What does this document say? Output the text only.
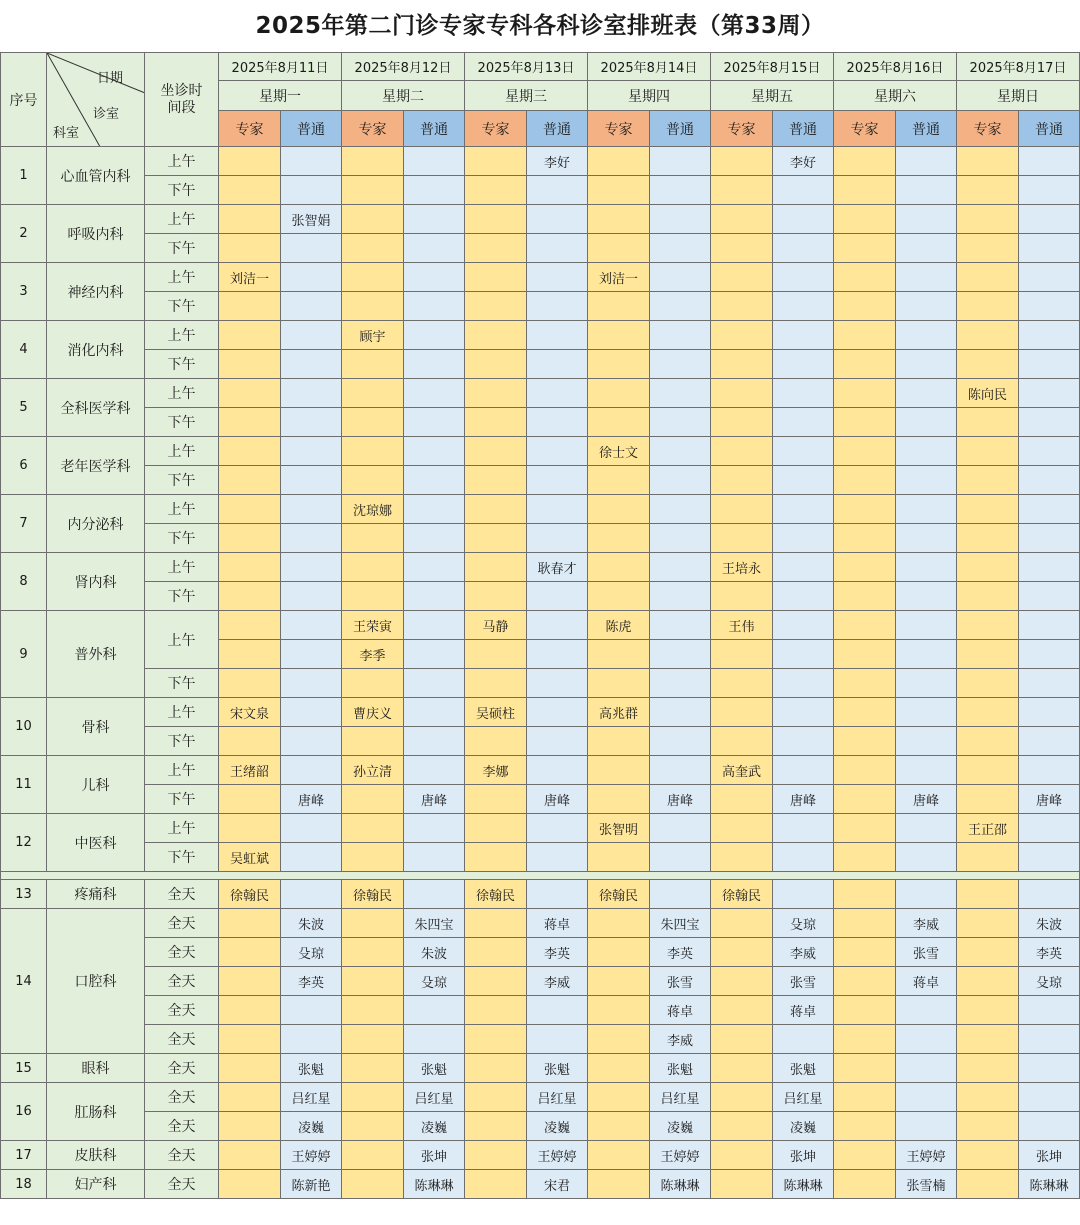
2025年第二门诊专家专科各科诊室排班表（第33周）
序号	日期
诊室
科室	坐诊时间段	2025年8月11日		2025年8月12日		2025年8月13日		2025年8月14日		2025年8月15日		2025年8月16日		2025年8月17日	
			星期一		星期二		星期三		星期四		星期五		星期六		星期日	
			专家	普通	专家	普通	专家	普通	专家	普通	专家	普通	专家	普通	专家	普通
1	心血管内科	上午						李好				李好				
		下午														
2	呼吸内科	上午		张智娟												
		下午														
3	神经内科	上午	刘洁一						刘洁一							
		下午														
4	消化内科	上午			顾宇											
		下午														
5	全科医学科	上午													陈向民	
		下午														
6	老年医学科	上午							徐士文							
		下午														
7	内分泌科	上午			沈琼娜											
		下午														
8	肾内科	上午						耿春才			王培永					
		下午														
9	普外科	上午			王荣寅		马静		陈虎		王伟					
					李季											
		下午														
10	骨科	上午	宋文泉		曹庆义		吴硕柱		高兆群							
		下午														
11	儿科	上午	王绪韶		孙立清		李娜				高奎武					
		下午		唐峰		唐峰		唐峰		唐峰		唐峰		唐峰		唐峰
12	中医科	上午							张智明						王正邵	
		下午	吴虹斌													

13	疼痛科	全天	徐翰民		徐翰民		徐翰民		徐翰民		徐翰民					
14	口腔科	全天		朱波		朱四宝		蒋卓		朱四宝		殳琼		李威		朱波
		全天		殳琼		朱波		李英		李英		李威		张雪		李英
		全天		李英		殳琼		李威		张雪		张雪		蒋卓		殳琼
		全天								蒋卓		蒋卓				
		全天								李威						
15	眼科	全天		张魁		张魁		张魁		张魁		张魁				
16	肛肠科	全天		吕红星		吕红星		吕红星		吕红星		吕红星				
		全天		凌巍		凌巍		凌巍		凌巍		凌巍				
17	皮肤科	全天		王婷婷		张坤		王婷婷		王婷婷		张坤		王婷婷		张坤
18	妇产科	全天		陈新艳		陈琳琳		宋君		陈琳琳		陈琳琳		张雪楠		陈琳琳
